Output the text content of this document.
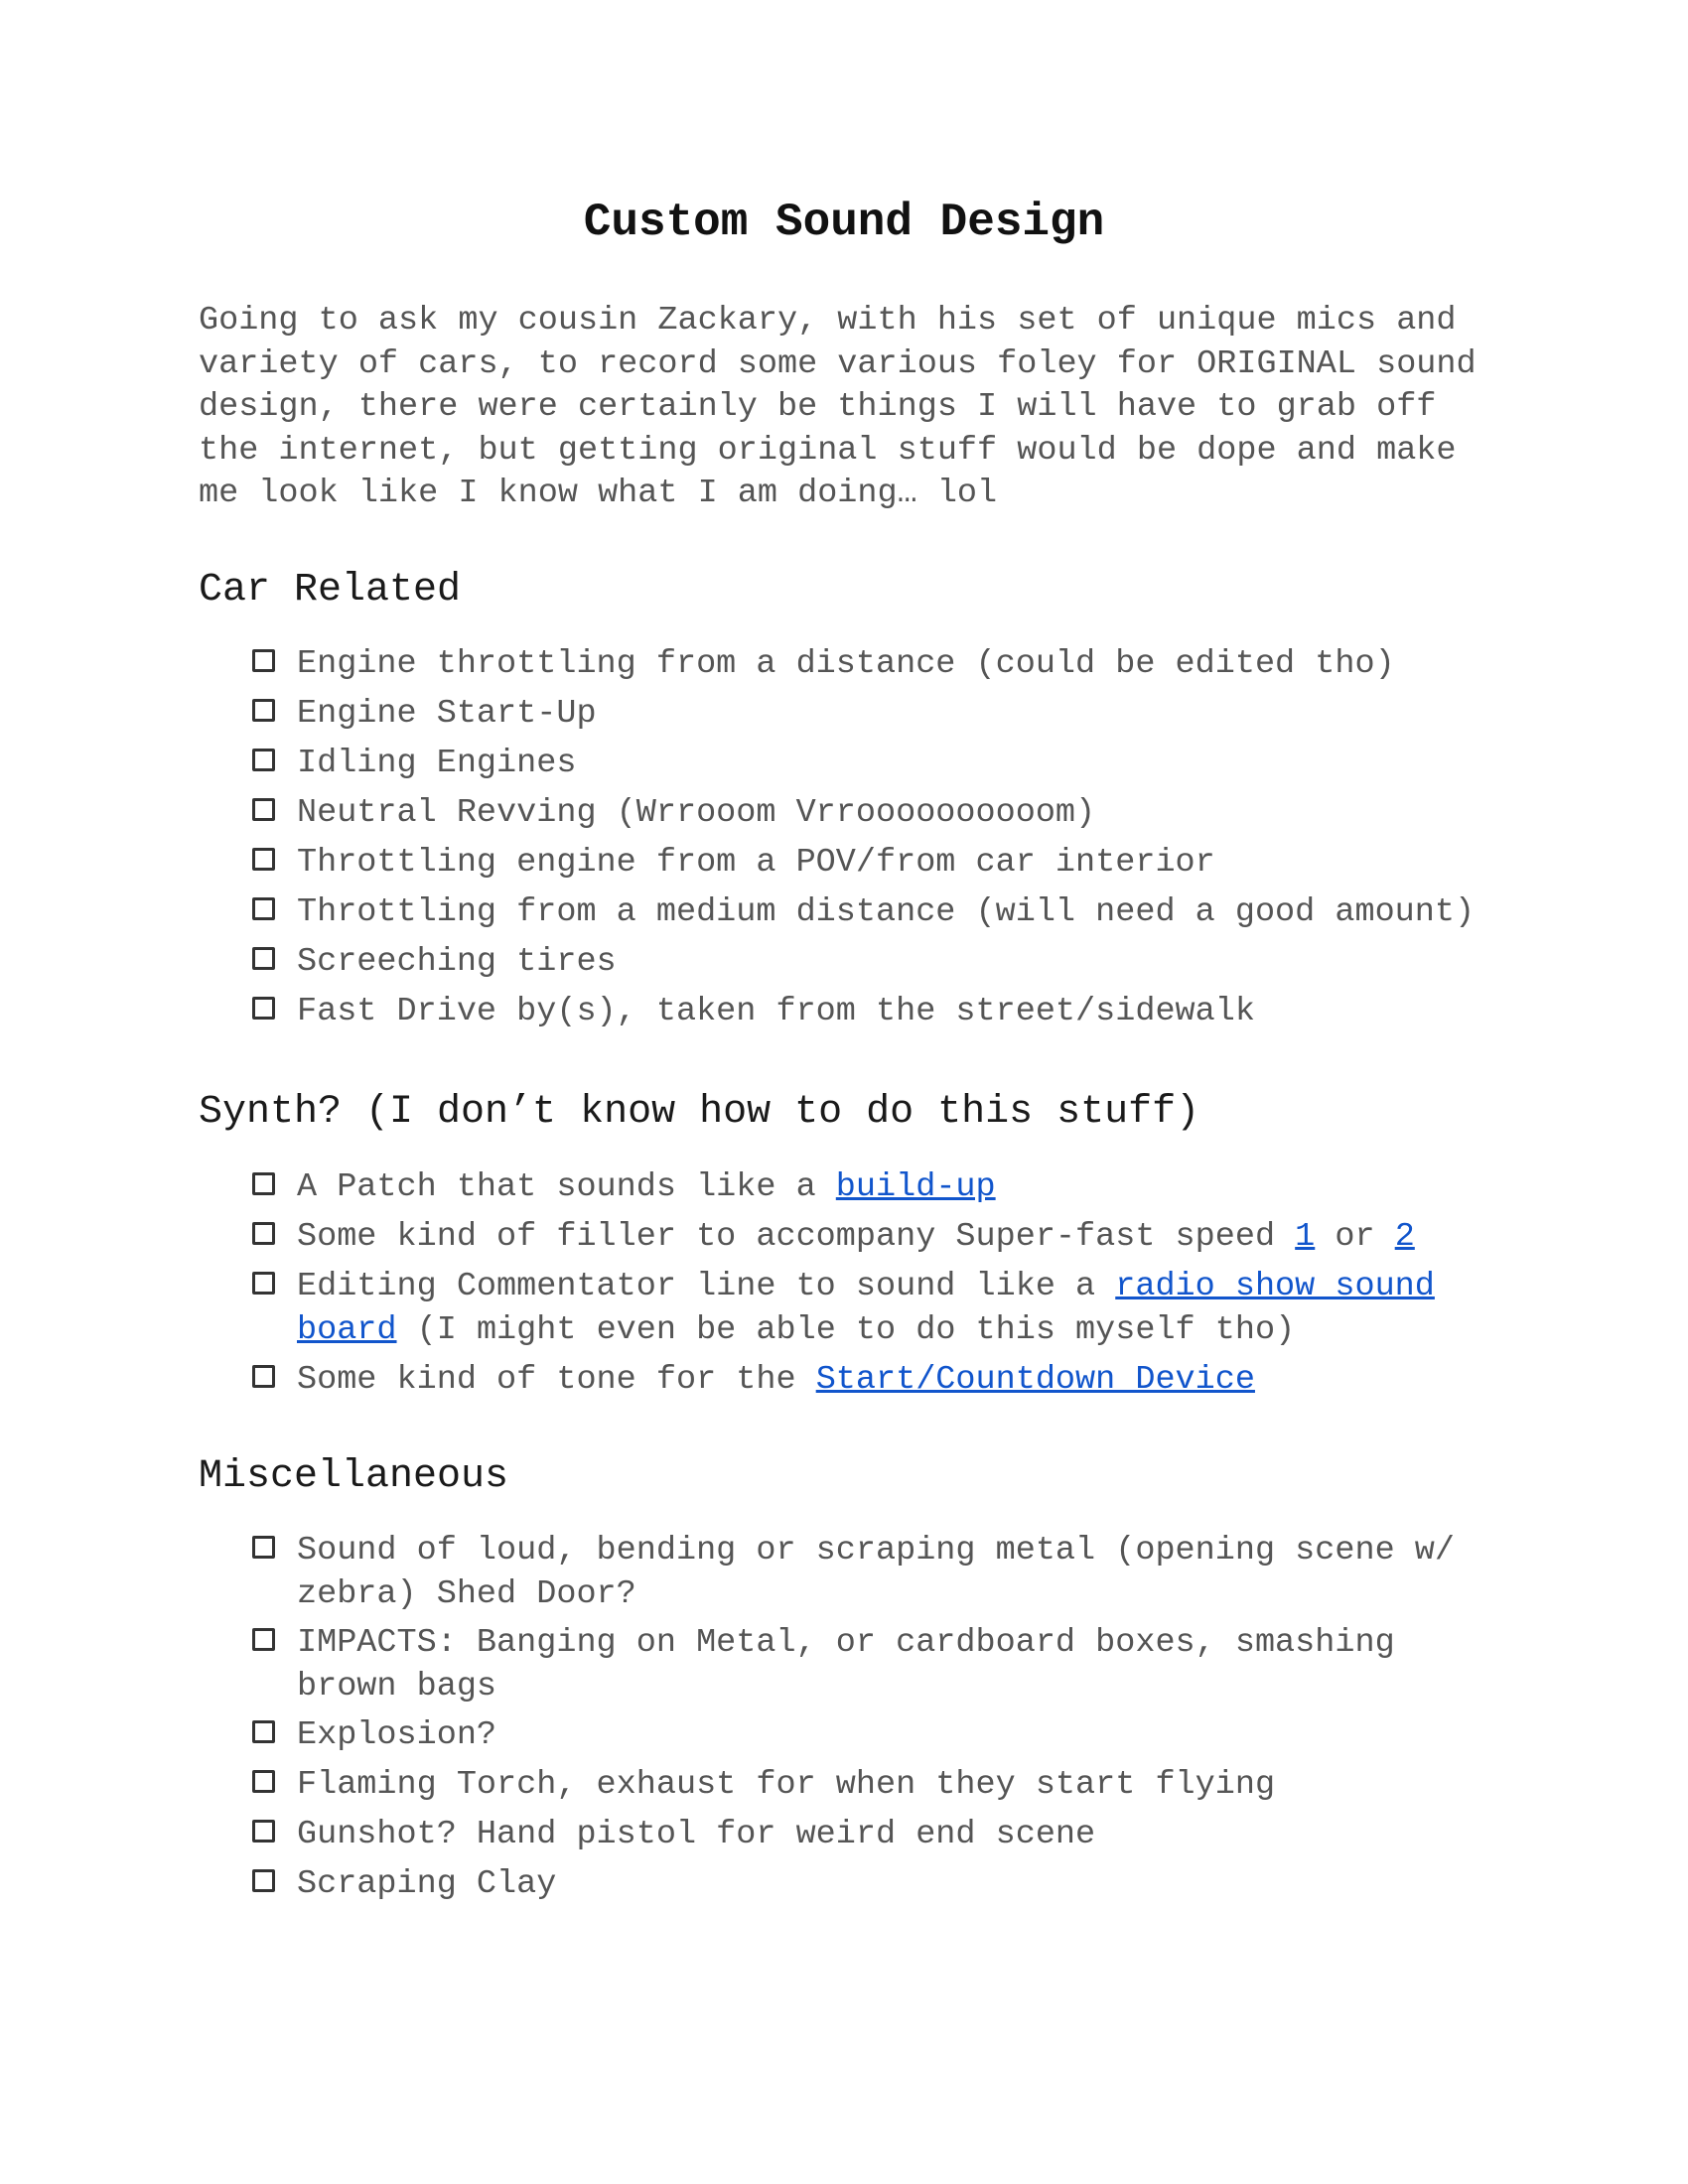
Custom Sound Design

Going to ask my cousin Zackary, with his set of unique mics and variety of cars, to record some various foley for ORIGINAL sound design, there were certainly be things I will have to grab off the internet, but getting original stuff would be dope and make me look like I know what I am doing… lol

Car Related
Engine throttling from a distance (could be edited tho)
Engine Start-Up
Idling Engines
Neutral Revving (Wrrooom Vrroooooooooom)
Throttling engine from a POV/from car interior
Throttling from a medium distance (will need a good amount)
Screeching tires
Fast Drive by(s), taken from the street/sidewalk
Synth? (I don’t know how to do this stuff)
A Patch that sounds like a build-up
Some kind of filler to accompany Super-fast speed 1 or 2
Editing Commentator line to sound like a radio show sound board (I might even be able to do this myself tho)
Some kind of tone for the Start/Countdown Device
Miscellaneous
Sound of loud, bending or scraping metal (opening scene w/ zebra) Shed Door?
IMPACTS: Banging on Metal, or cardboard boxes, smashing brown bags
Explosion?
Flaming Torch, exhaust for when they start flying
Gunshot? Hand pistol for weird end scene
Scraping Clay
